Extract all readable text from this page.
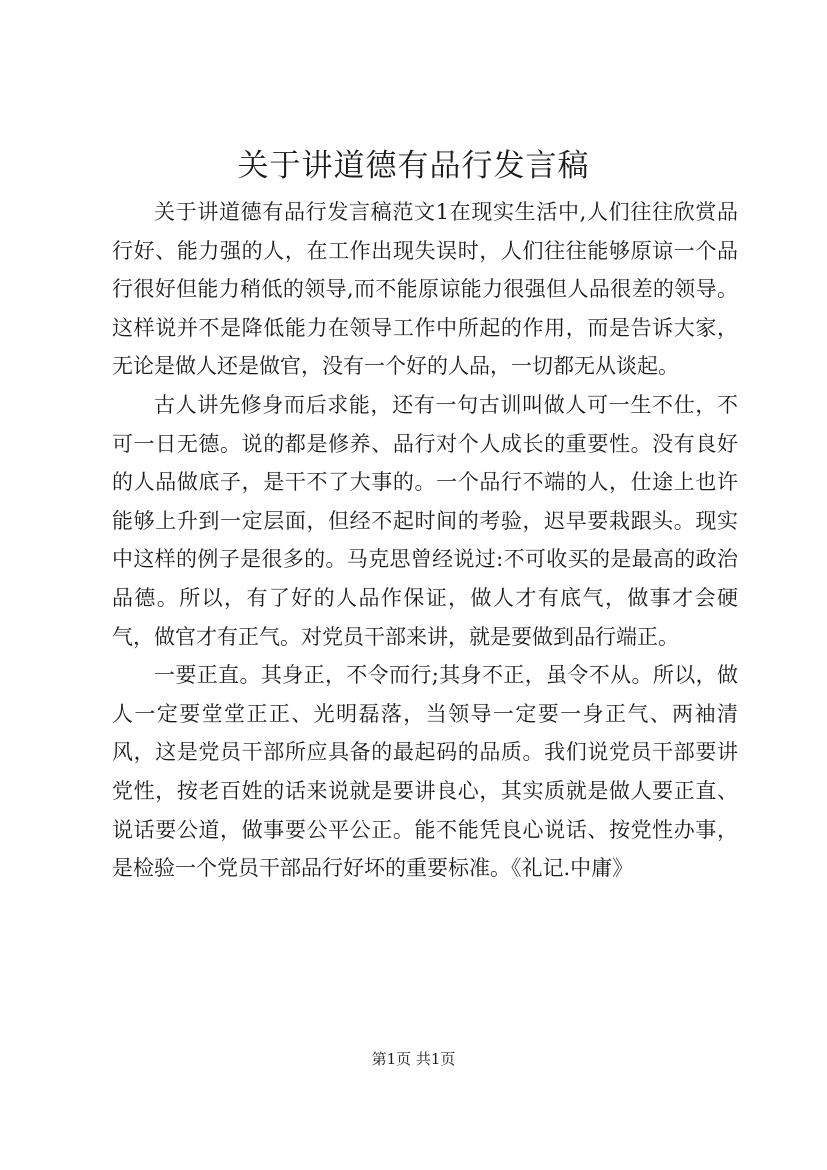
关于讲道德有品行发言稿

关于讲道德有品行发言稿范文1在现实生活中,人们往往欣赏品行好、能力强的人，在工作出现失误时，人们往往能够原谅一个品行很好但能力稍低的领导,而不能原谅能力很强但人品很差的领导。这样说并不是降低能力在领导工作中所起的作用，而是告诉大家，无论是做人还是做官，没有一个好的人品，一切都无从谈起。

古人讲先修身而后求能，还有一句古训叫做人可一生不仕，不可一日无德。说的都是修养、品行对个人成长的重要性。没有良好的人品做底子，是干不了大事的。一个品行不端的人，仕途上也许能够上升到一定层面，但经不起时间的考验，迟早要栽跟头。现实中这样的例子是很多的。马克思曾经说过:不可收买的是最高的政治品德。所以，有了好的人品作保证，做人才有底气，做事才会硬气，做官才有正气。对党员干部来讲，就是要做到品行端正。

一要正直。其身正，不令而行;其身不正，虽令不从。所以，做人一定要堂堂正正、光明磊落，当领导一定要一身正气、两袖清风，这是党员干部所应具备的最起码的品质。我们说党员干部要讲党性，按老百姓的话来说就是要讲良心，其实质就是做人要正直、说话要公道，做事要公平公正。能不能凭良心说话、按党性办事，是检验一个党员干部品行好坏的重要标准。《礼记.中庸》

第1页 共1页
